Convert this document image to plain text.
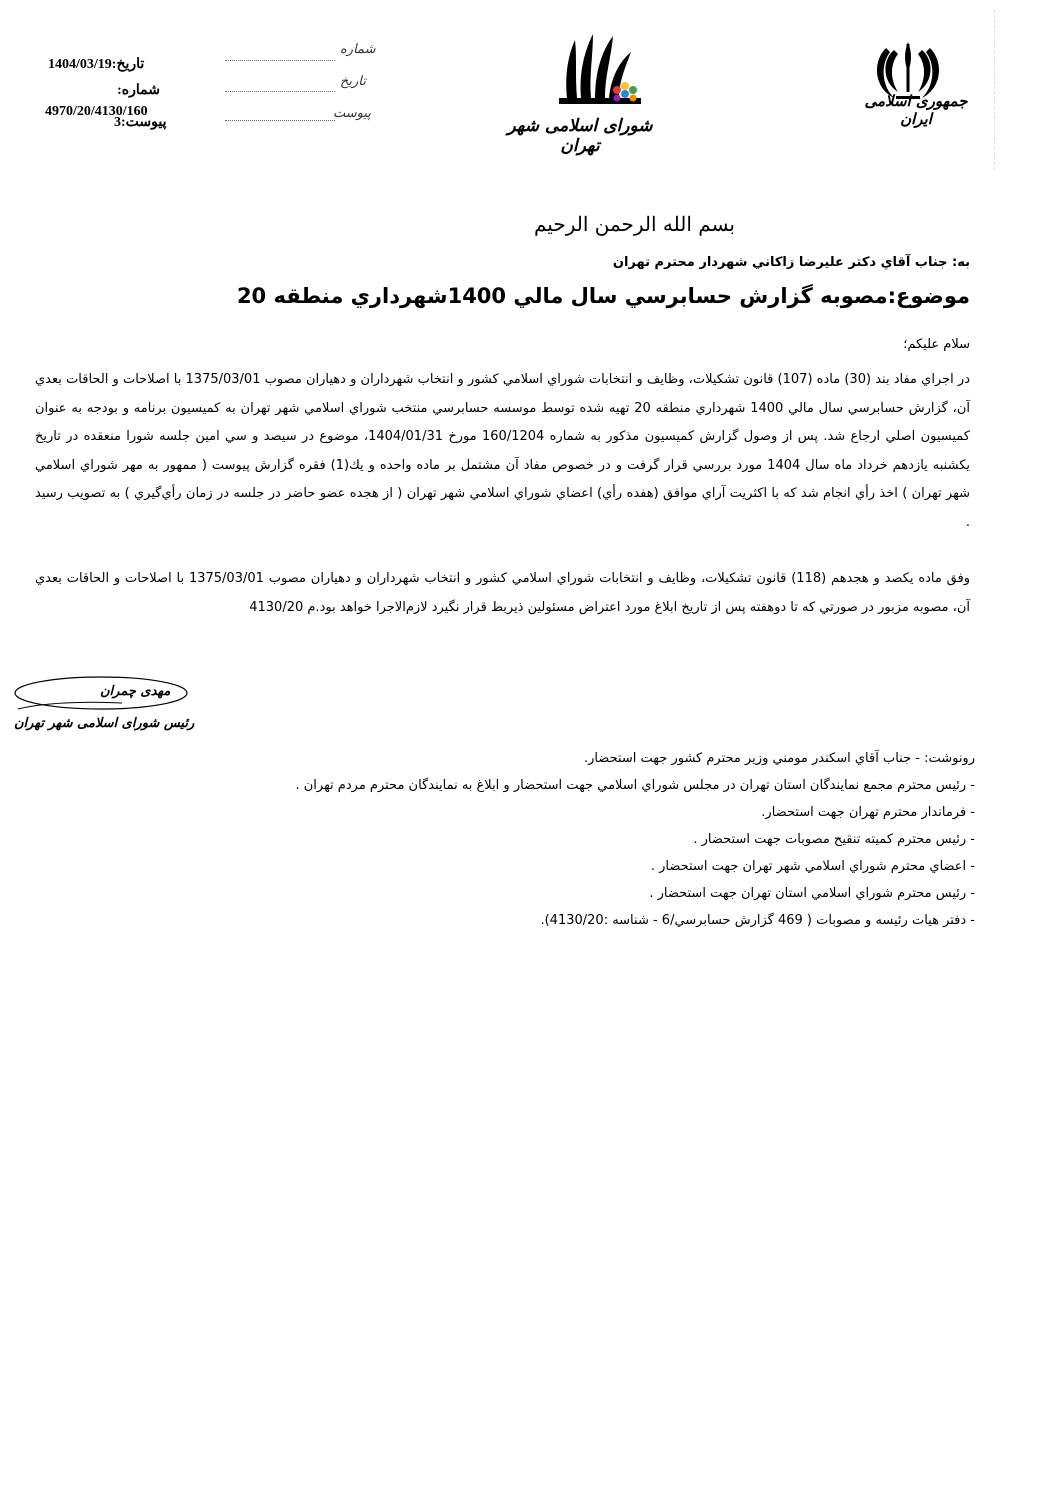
جمهوری اسلامی ایران
شورای اسلامی شهر تهران
شماره
تاریخ
پیوست
تاريخ:1404/03/19
شماره:
4970/20/4130/160
پيوست:3
بسم الله الرحمن الرحيم
به: جناب آقاي دكتر عليرضا زاكاني شهردار محترم تهران
موضوع:مصوبه گزارش حسابرسي سال مالي 1400شهرداري منطقه 20
سلام عليكم؛
در اجراي مفاد بند (30) ماده (107) قانون تشكيلات، وظايف و انتخابات شوراي اسلامي كشور و انتخاب شهرداران و دهياران مصوب 1375/03/01 با اصلاحات و الحاقات بعدي آن، گزارش حسابرسي سال مالي 1400 شهرداري منطقه 20 تهيه شده توسط موسسه حسابرسي منتخب شوراي اسلامي شهر تهران به كميسيون برنامه و بودجه به عنوان كميسيون اصلي ارجاع شد. پس از وصول گزارش كميسيون مذكور به شماره 160/1204 مورخ 1404/01/31، موضوع در سيصد و سي امين جلسه شورا منعقده در تاريخ يكشنبه يازدهم خرداد ماه سال 1404 مورد بررسي قرار گرفت و در خصوص مفاد آن مشتمل بر ماده واحده و يك(1) فقره گزارش پيوست ( ممهور به مهر شوراي اسلامي شهر تهران ) اخذ رأي انجام شد كه با اكثريت آراي موافق (هفده رأي) اعضاي شوراي اسلامي شهر تهران ( از هجده عضو حاضر در جلسه در زمان رأي‌گيري ) به تصويب رسيد .
وفق ماده يكصد و هجدهم (118) قانون تشكيلات، وظايف و انتخابات شوراي اسلامي كشور و انتخاب شهرداران و دهياران مصوب 1375/03/01 با اصلاحات و الحاقات بعدي آن، مصوبه مزبور در صورتي كه تا دوهفته پس از تاريخ ابلاغ مورد اعتراض مسئولين ذيربط قرار نگيرد لازم‌الاجرا خواهد بود.م 4130/20
مهدی چمران
رئیس شورای اسلامی شهر تهران
رونوشت: - جناب آقاي اسكندر مومني وزير محترم كشور جهت استحضار.
- رئيس محترم مجمع نمايندگان استان تهران در مجلس شوراي اسلامي جهت استحضار و ابلاغ به نمايندگان محترم مردم تهران .
- فرماندار محترم تهران جهت استحضار.
- رئيس محترم كميته تنقيح مصوبات جهت استحضار .
- اعضاي محترم شوراي اسلامي شهر تهران جهت استحضار .
- رئيس محترم شوراي اسلامي استان تهران جهت استحضار .
- دفتر هيات رئيسه و مصوبات ( 469 گزارش حسابرسي/6 - شناسه :4130/20).
